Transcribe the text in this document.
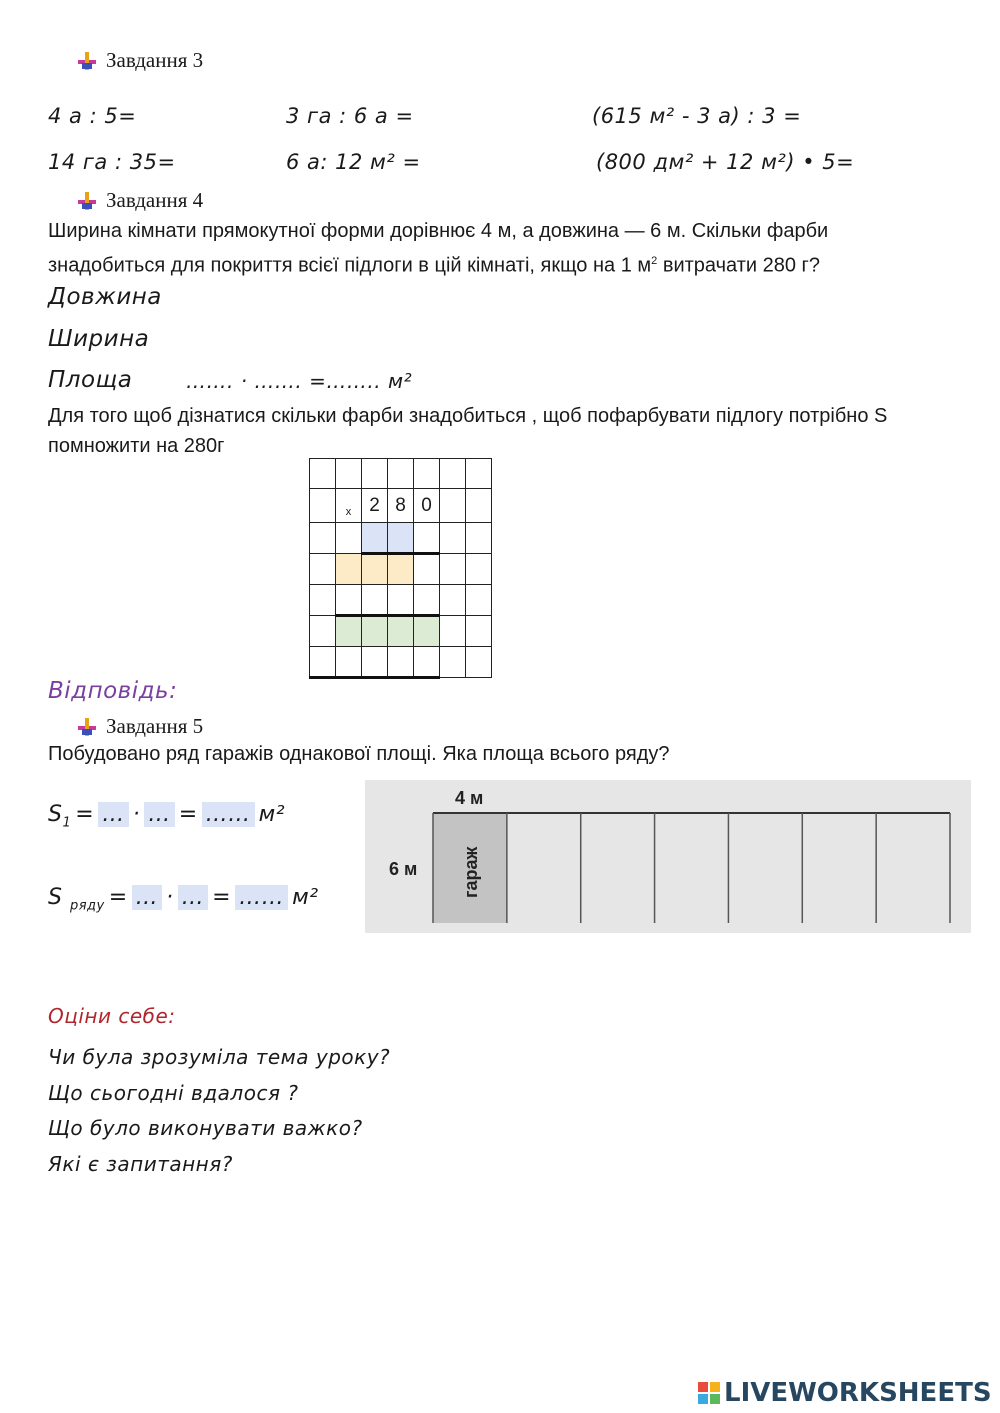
Завдання 3
4 а : 5=	3 га : 6 а =	(615 м² - 3 а) : 3 =
14 га : 35=	6 а: 12 м² =	(800 дм² + 12 м²) • 5=
Завдання 4
Ширина кімнати прямокутної форми дорівнює 4 м, а довжина — 6 м. Скільки фарби
знадобиться для покриття всієї підлоги в цій кімнаті, якщо на 1 $м^2$ витрачати 280 г?
Довжина
Ширина
Площа	……. · ……. =…….. м²
Для того щоб дізнатися скільки фарби знадобиться , щоб пофарбувати підлогу потрібно S
помножити на 280г

	x	2	8	0		

Відповідь:
Завдання 5
Побудовано ряд гаражів однакової площі. Яка площа всього ряду?
$S_1$ = … · … = …… м²
S $_{ряду}$ = … · … = …… м²
4 м
6 м гараж
Оціни себе:
Чи була зрозуміла тема уроку?
Що сьогодні вдалося ?
Що було виконувати важко?
Які є запитання?
LIVEWORKSHEETS
